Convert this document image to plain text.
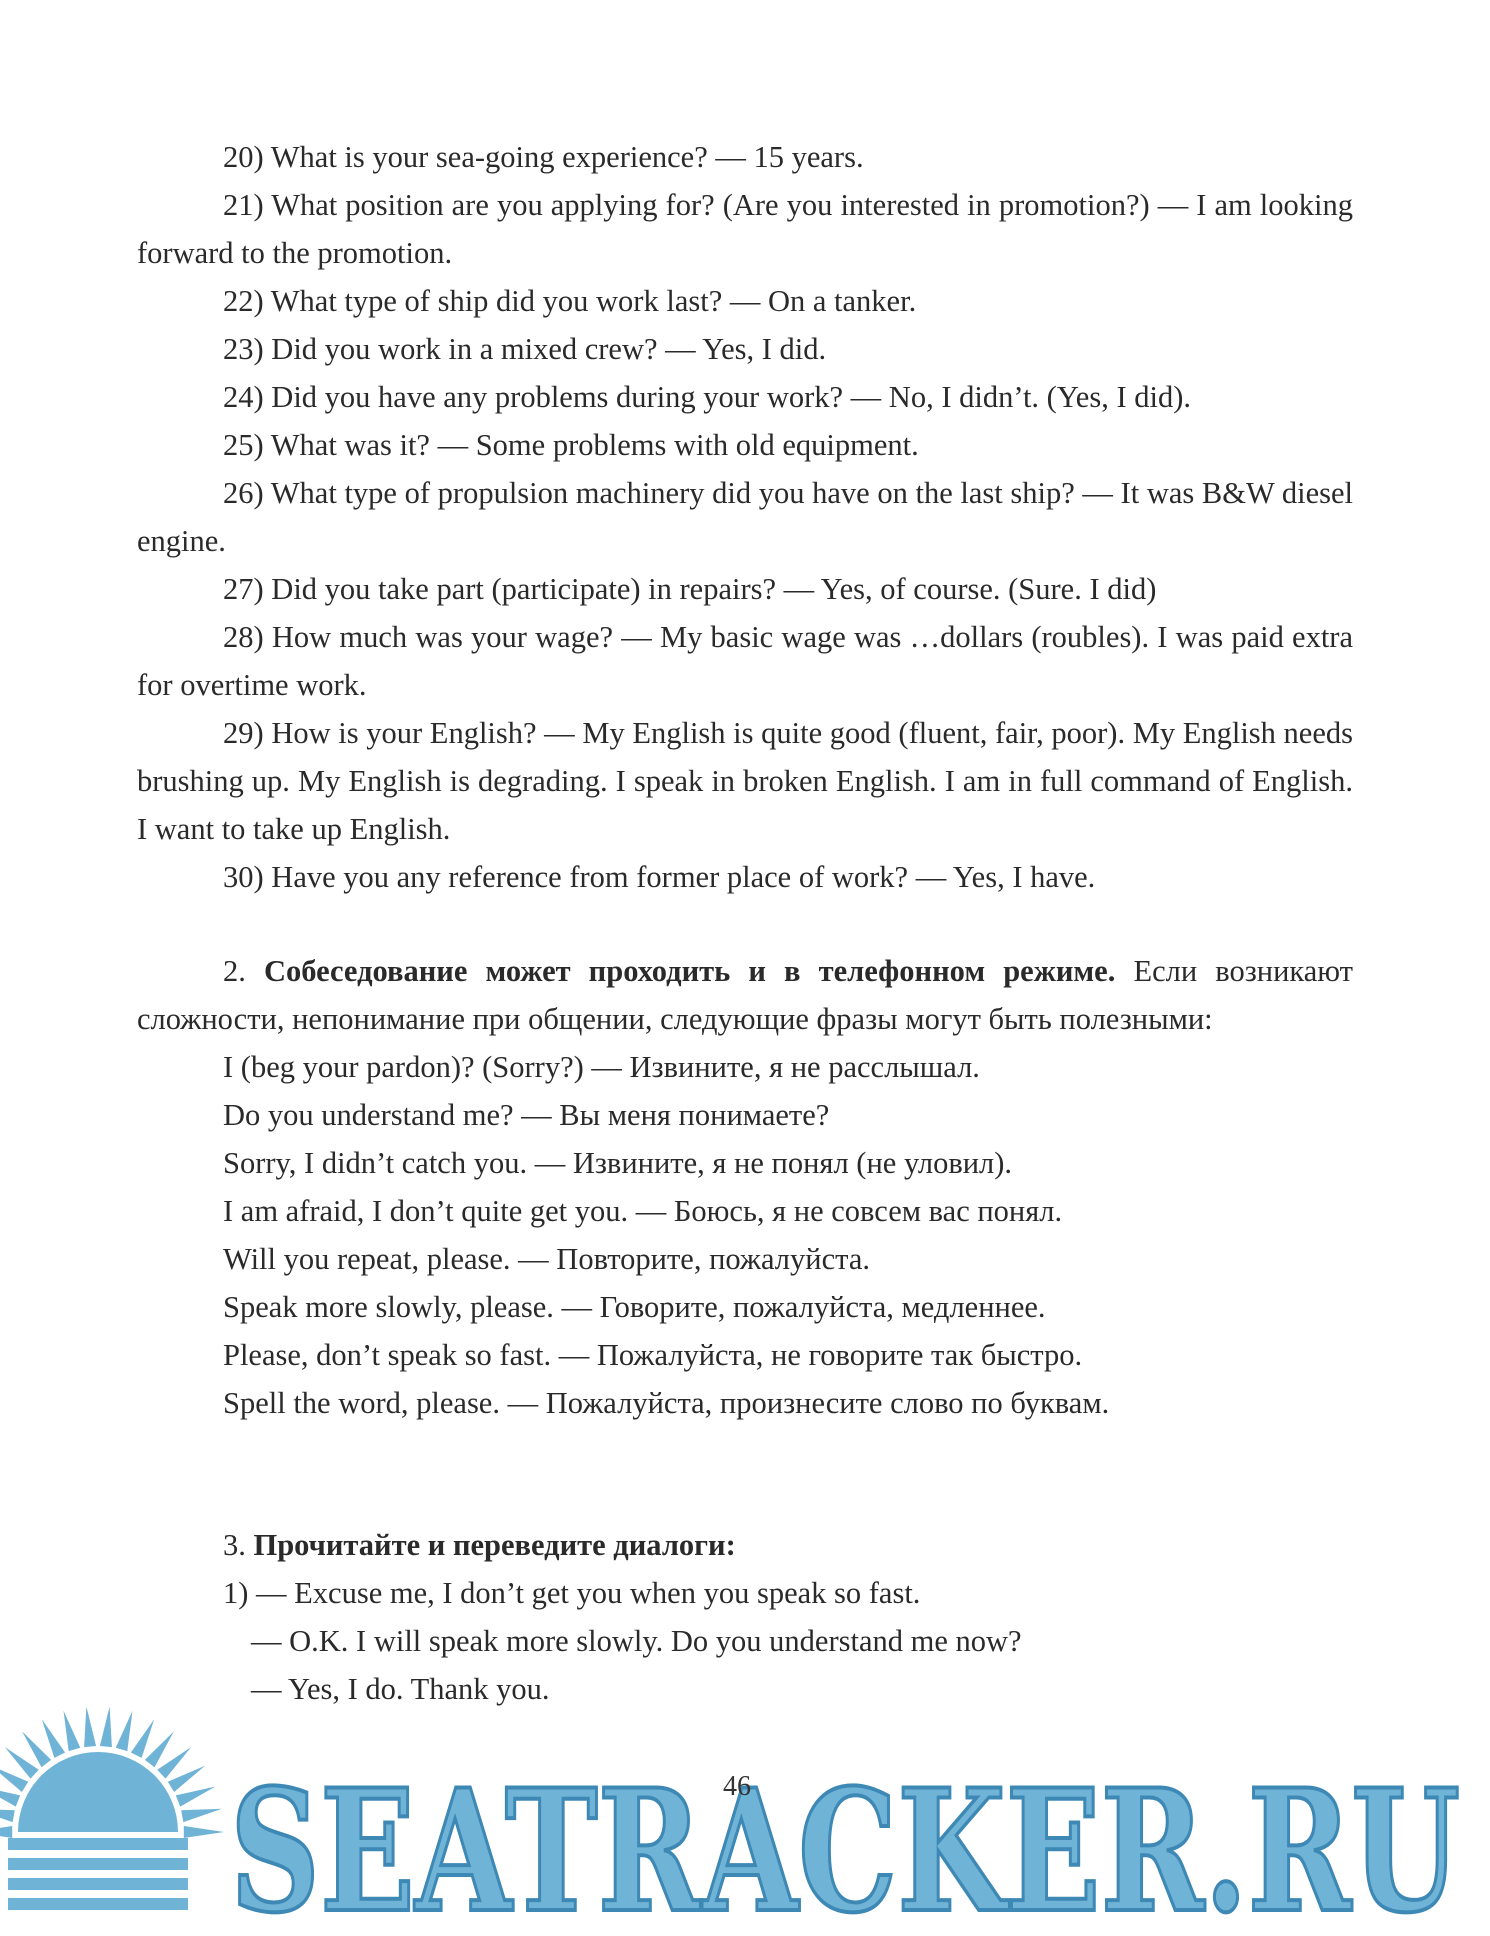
20) What is your sea-going experience? — 15 years.

21) What position are you applying for? (Are you interested in promotion?) — I am looking forward to the promotion.

22) What type of ship did you work last? — On a tanker.

23) Did you work in a mixed crew? — Yes, I did.

24) Did you have any problems during your work? — No, I didn’t. (Yes, I did).

25) What was it? — Some problems with old equipment.

26) What type of propulsion machinery did you have on the last ship? — It was B&W diesel engine.

27) Did you take part (participate) in repairs? — Yes, of course. (Sure. I did)

28) How much was your wage? — My basic wage was …dollars (roubles). I was paid extra for overtime work.

29) How is your English? — My English is quite good (fluent, fair, poor). My English needs brushing up. My English is degrading. I speak in broken English. I am in full command of English. I want to take up English.

30) Have you any reference from former place of work? — Yes, I have.

2. Собеседование может проходить и в телефонном режиме. Если возникают сложности, непонимание при общении, следующие фразы могут быть полезными:

I (beg your pardon)? (Sorry?) — Извините, я не расслышал.

Do you understand me? — Вы меня понимаете?

Sorry, I didn’t catch you. — Извините, я не понял (не уловил).

I am afraid, I don’t quite get you. — Боюсь, я не совсем вас понял.

Will you repeat, please. — Повторите, пожалуйста.

Speak more slowly, please. — Говорите, пожалуйста, медленнее.

Please, don’t speak so fast. — Пожалуйста, не говорите так быстро.

Spell the word, please. — Пожалуйста, произнесите слово по буквам.

3. Прочитайте и переведите диалоги:

1) — Excuse me, I don’t get you when you speak so fast.

— O.K. I will speak more slowly. Do you understand me now?

— Yes, I do. Thank you.

SEATRACKER.RU
46
